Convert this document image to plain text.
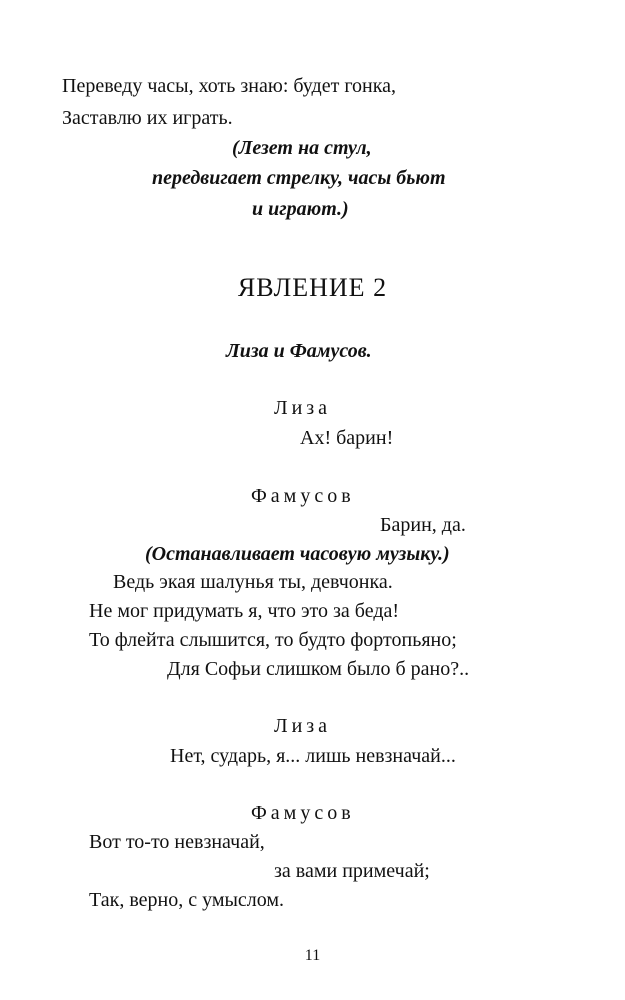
Переведу часы, хоть знаю: будет гонка,
Заставлю их играть.
(Лезет на стул,
передвигает стрелку, часы бьют
и играют.)
ЯВЛЕНИЕ 2
Лиза и Фамусов.
Лиза
Ах! барин!
Фамусов
Барин, да.
(Останавливает часовую музыку.)
Ведь экая шалунья ты, девчонка.
Не мог придумать я, что это за беда!
То флейта слышится, то будто фортопьяно;
Для Софьи слишком было б рано?..
Лиза
Нет, сударь, я... лишь невзначай...
Фамусов
Вот то-то невзначай,
за вами примечай;
Так, верно, с умыслом.
11
